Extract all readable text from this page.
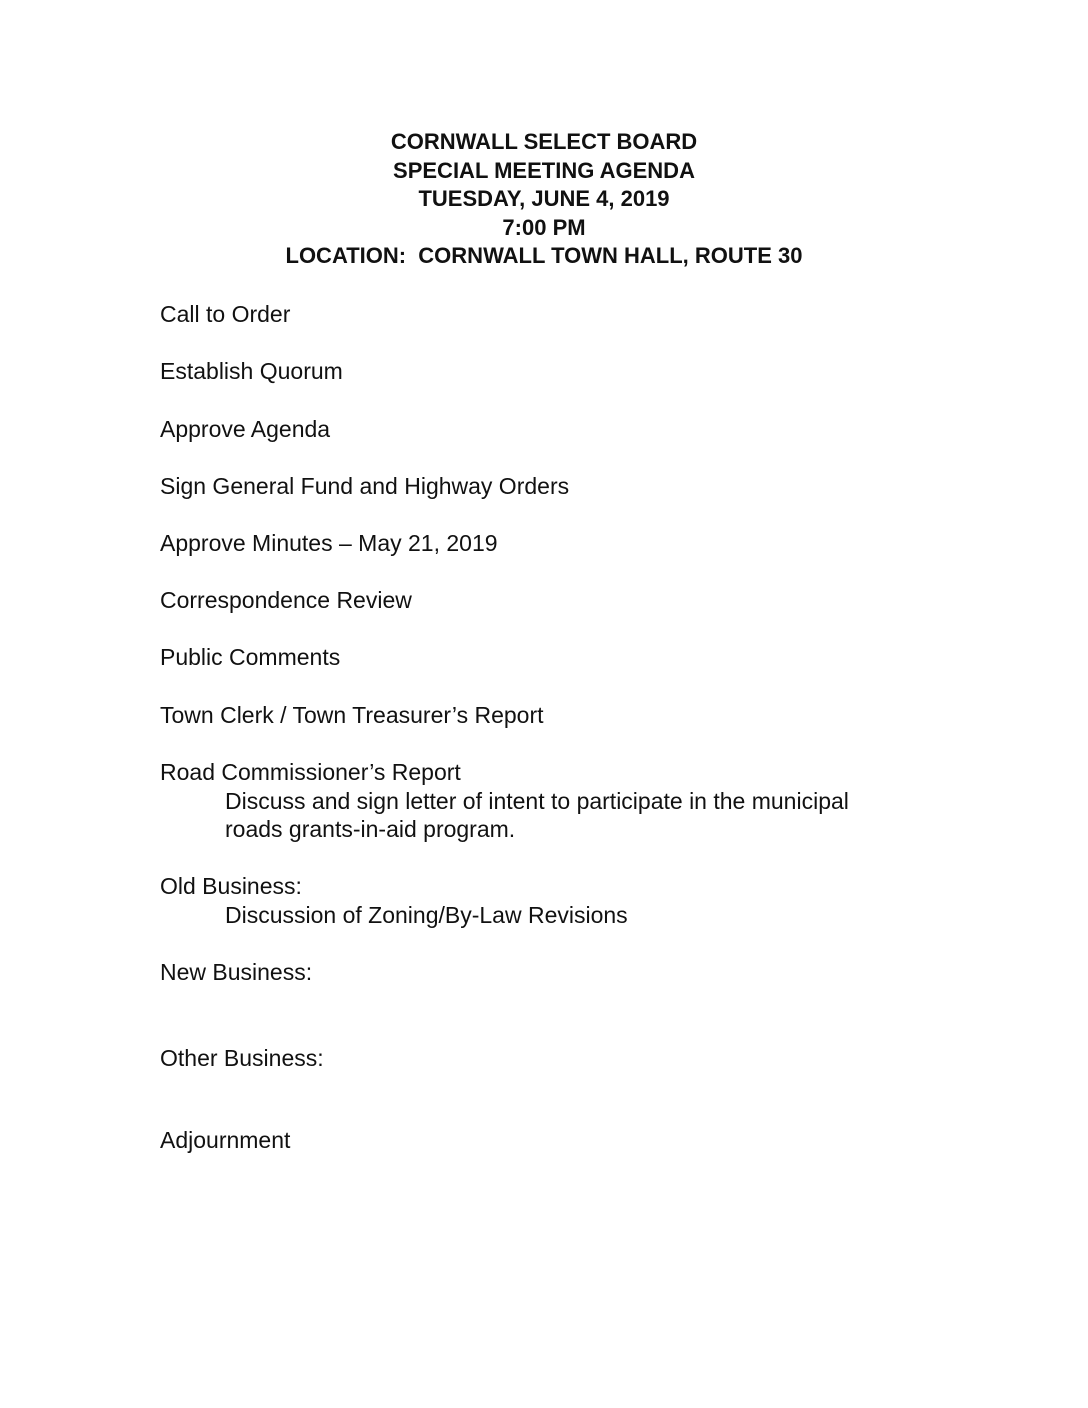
CORNWALL SELECT BOARD
SPECIAL MEETING AGENDA
TUESDAY, JUNE 4, 2019
7:00 PM
LOCATION:  CORNWALL TOWN HALL, ROUTE 30
Call to Order
Establish Quorum
Approve Agenda
Sign General Fund and Highway Orders
Approve Minutes – May 21, 2019
Correspondence Review
Public Comments
Town Clerk / Town Treasurer’s Report
Road Commissioner’s Report
Discuss and sign letter of intent to participate in the municipal
roads grants-in-aid program.
Old Business:
Discussion of Zoning/By-Law Revisions
New Business:
Other Business:
Adjournment
